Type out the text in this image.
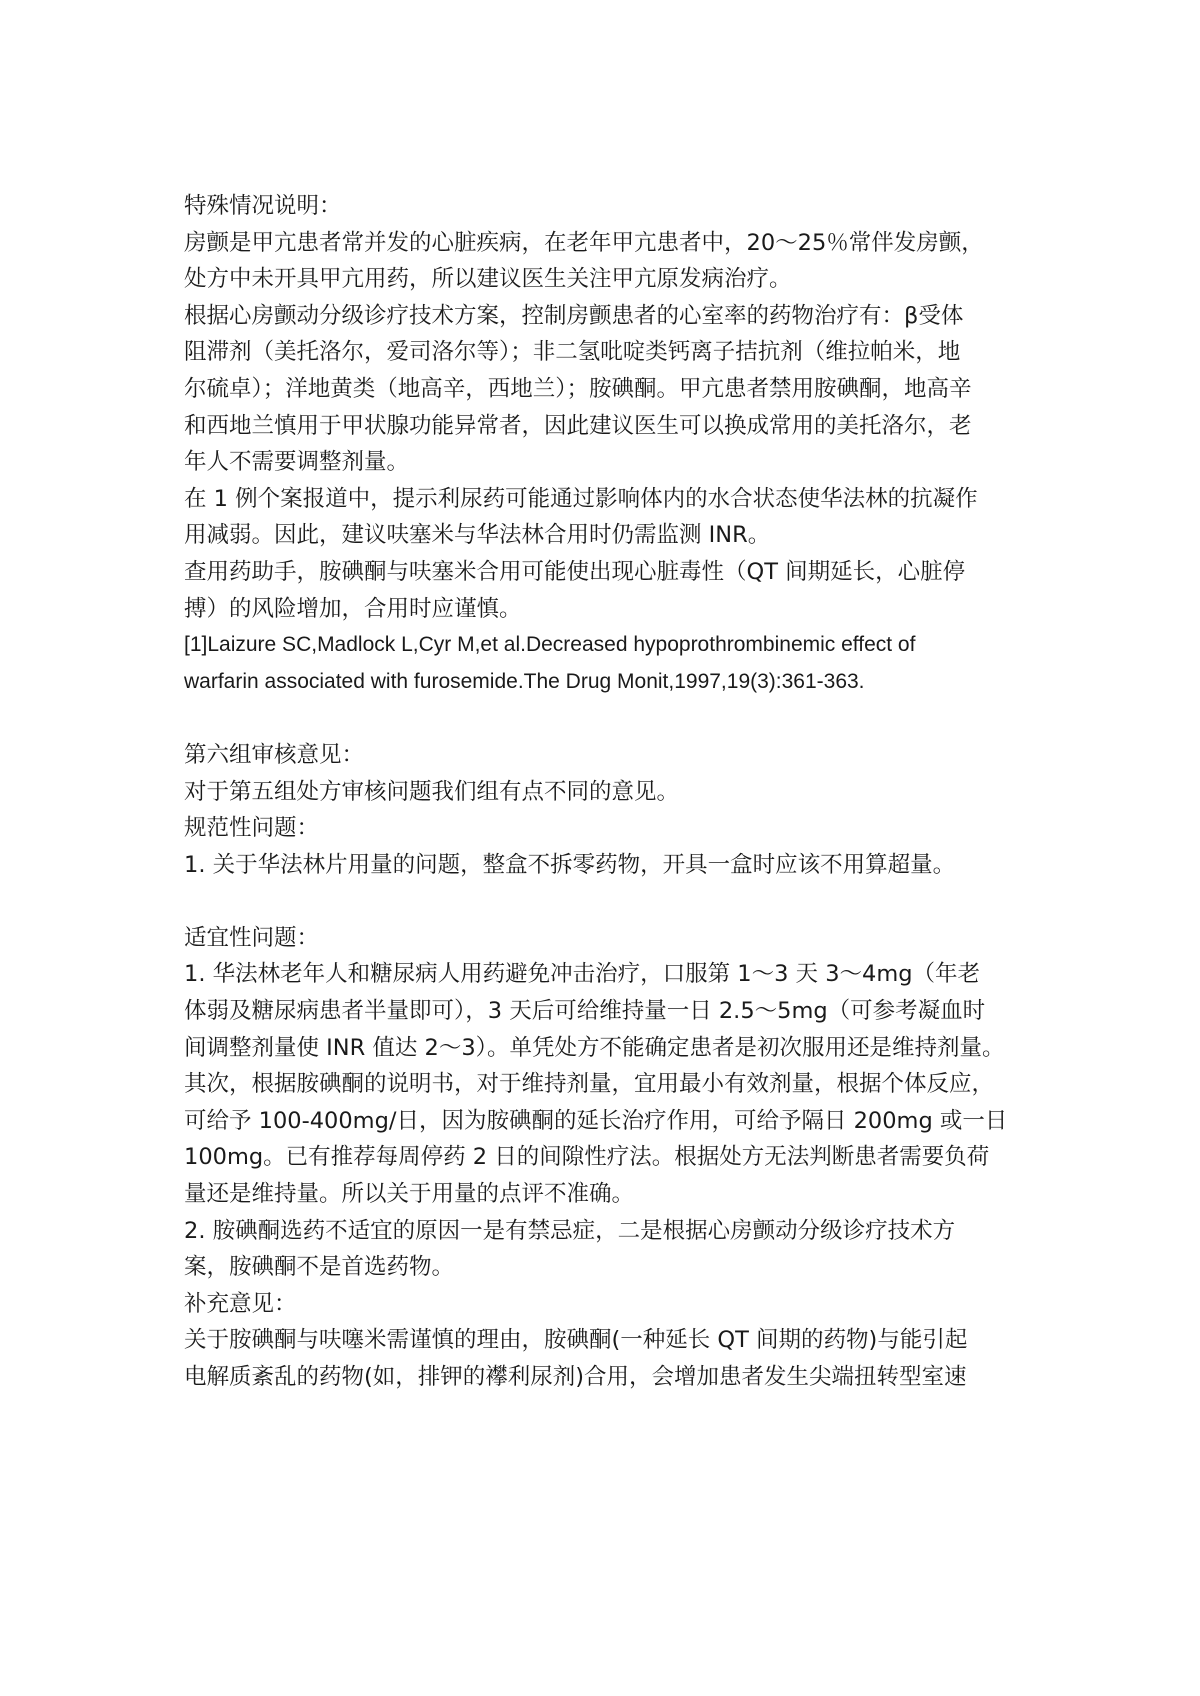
特殊情况说明：
房颤是甲亢患者常并发的心脏疾病，在老年甲亢患者中，20～25％常伴发房颤，
处方中未开具甲亢用药，所以建议医生关注甲亢原发病治疗。
根据心房颤动分级诊疗技术方案，控制房颤患者的心室率的药物治疗有：β受体
阻滞剂（美托洛尔，爱司洛尔等）；非二氢吡啶类钙离子拮抗剂（维拉帕米，地
尔硫卓）；洋地黄类（地高辛，西地兰）；胺碘酮。甲亢患者禁用胺碘酮，地高辛
和西地兰慎用于甲状腺功能异常者，因此建议医生可以换成常用的美托洛尔，老
年人不需要调整剂量。
在 1 例个案报道中，提示利尿药可能通过影响体内的水合状态使华法林的抗凝作
用减弱。因此，建议呋塞米与华法林合用时仍需监测 INR。
查用药助手，胺碘酮与呋塞米合用可能使出现心脏毒性（QT 间期延长，心脏停
搏）的风险增加，合用时应谨慎。
[1]Laizure SC,Madlock L,Cyr M,et al.Decreased hypoprothrombinemic effect of
warfarin associated with furosemide.The Drug Monit,1997,19(3):361-363.
第六组审核意见：
对于第五组处方审核问题我们组有点不同的意见。
规范性问题：
1. 关于华法林片用量的问题，整盒不拆零药物，开具一盒时应该不用算超量。
适宜性问题：
1. 华法林老年人和糖尿病人用药避免冲击治疗，口服第 1～3 天 3～4mg（年老
体弱及糖尿病患者半量即可），3 天后可给维持量一日 2.5～5mg（可参考凝血时
间调整剂量使 INR 值达 2～3）。单凭处方不能确定患者是初次服用还是维持剂量。
其次，根据胺碘酮的说明书，对于维持剂量，宜用最小有效剂量，根据个体反应，
可给予 100-400mg/日，因为胺碘酮的延长治疗作用，可给予隔日 200mg 或一日
100mg。已有推荐每周停药 2 日的间隙性疗法。根据处方无法判断患者需要负荷
量还是维持量。所以关于用量的点评不准确。
2. 胺碘酮选药不适宜的原因一是有禁忌症，二是根据心房颤动分级诊疗技术方
案，胺碘酮不是首选药物。
补充意见：
关于胺碘酮与呋噻米需谨慎的理由，胺碘酮(一种延长 QT 间期的药物)与能引起
电解质紊乱的药物(如，排钾的襻利尿剂)合用，会增加患者发生尖端扭转型室速
